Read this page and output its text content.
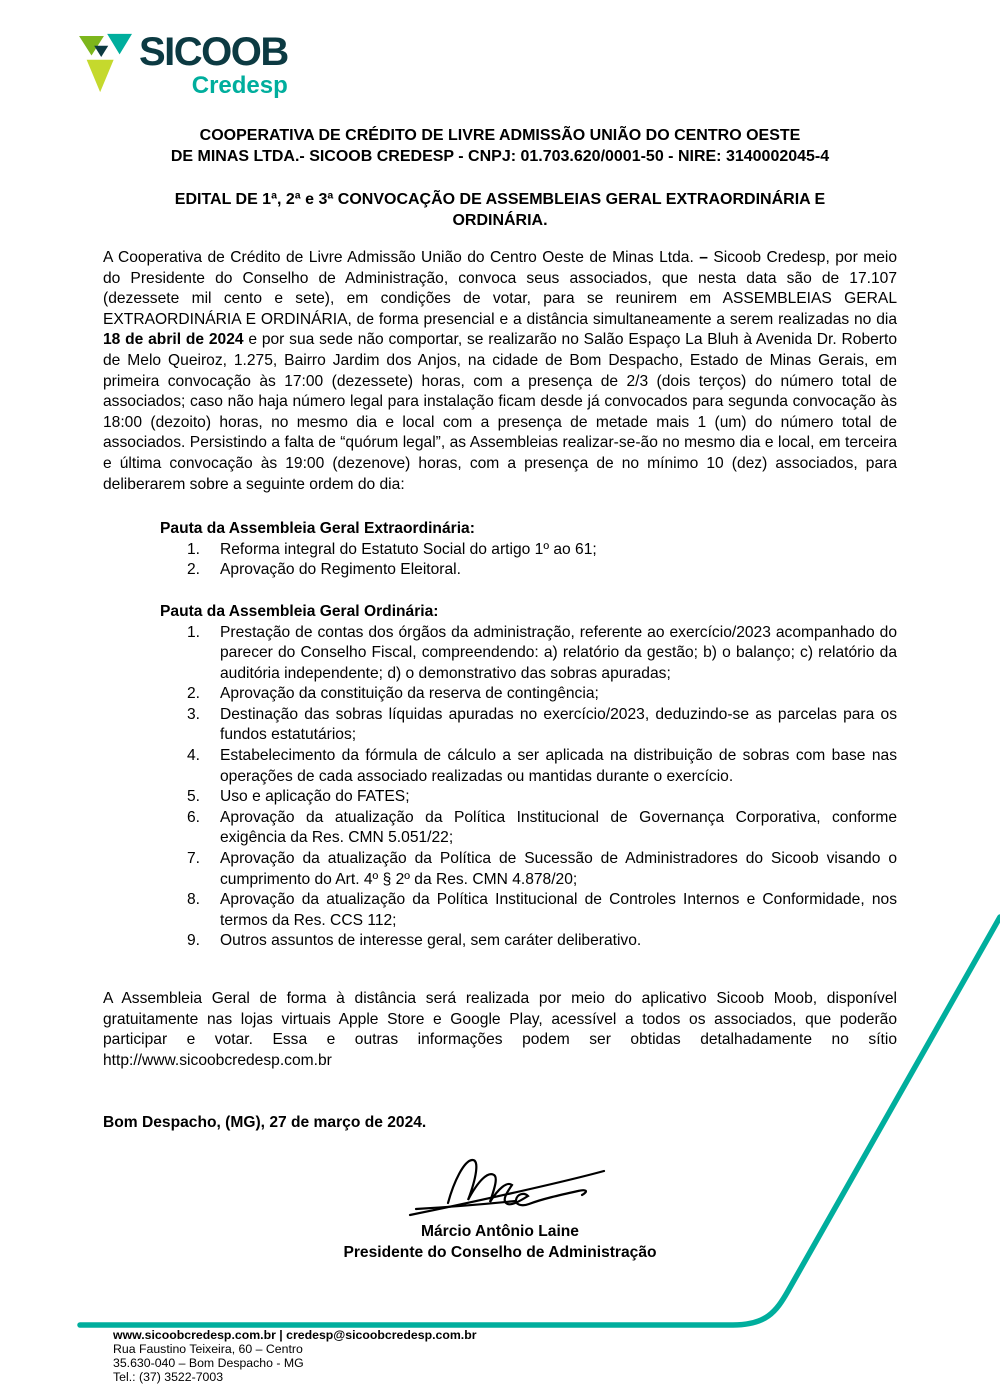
SICOOB
Credesp
COOPERATIVA DE CRÉDITO DE LIVRE ADMISSÃO UNIÃO DO CENTRO OESTE
DE MINAS LTDA.- SICOOB CREDESP - CNPJ: 01.703.620/0001-50 - NIRE: 3140002045-4
EDITAL DE 1ª, 2ª e 3ª CONVOCAÇÃO DE ASSEMBLEIAS GERAL EXTRAORDINÁRIA E
ORDINÁRIA.

A Cooperativa de Crédito de Livre Admissão União do Centro Oeste de Minas Ltda. – Sicoob Credesp, por meio do Presidente do Conselho de Administração, convoca seus associados, que nesta data são de 17.107 (dezessete mil cento e sete), em condições de votar, para se reunirem em ASSEMBLEIAS GERAL EXTRAORDINÁRIA E ORDINÁRIA, de forma presencial e a distância simultaneamente a serem realizadas no dia 18 de abril de 2024 e por sua sede não comportar, se realizarão no Salão Espaço La Bluh à Avenida Dr. Roberto de Melo Queiroz, 1.275, Bairro Jardim dos Anjos, na cidade de Bom Despacho, Estado de Minas Gerais, em primeira convocação às 17:00 (dezessete) horas, com a presença de 2/3 (dois terços) do número total de associados; caso não haja número legal para instalação ficam desde já convocados para segunda convocação às 18:00 (dezoito) horas, no mesmo dia e local com a presença de metade mais 1 (um) do número total de associados. Persistindo a falta de “quórum legal”, as Assembleias realizar-se-ão no mesmo dia e local, em terceira e última convocação às 19:00 (dezenove) horas, com a presença de no mínimo 10 (dez) associados, para deliberarem sobre a seguinte ordem do dia:

Pauta da Assembleia Geral Extraordinária:
1.	Reforma integral do Estatuto Social do artigo 1º ao 61;
2.	Aprovação do Regimento Eleitoral.
Pauta da Assembleia Geral Ordinária:
1.	Prestação de contas dos órgãos da administração, referente ao exercício/2023 acompanhado do parecer do Conselho Fiscal, compreendendo: a) relatório da gestão; b) o balanço; c) relatório da auditória independente; d) o demonstrativo das sobras apuradas;
2.	Aprovação da constituição da reserva de contingência;
3.	Destinação das sobras líquidas apuradas no exercício/2023, deduzindo-se as parcelas para os fundos estatutários;
4.	Estabelecimento da fórmula de cálculo a ser aplicada na distribuição de sobras com base nas operações de cada associado realizadas ou mantidas durante o exercício.
5.	Uso e aplicação do FATES;
6.	Aprovação da atualização da Política Institucional de Governança Corporativa, conforme exigência da Res. CMN 5.051/22;
7.	Aprovação da atualização da Política de Sucessão de Administradores do Sicoob visando o cumprimento do Art. 4º § 2º da Res. CMN 4.878/20;
8.	Aprovação da atualização da Política Institucional de Controles Internos e Conformidade, nos termos da Res. CCS 112;
9.	Outros assuntos de interesse geral, sem caráter deliberativo.

A Assembleia Geral de forma à distância será realizada por meio do aplicativo Sicoob Moob, disponível gratuitamente nas lojas virtuais Apple Store e Google Play, acessível a todos os associados, que poderão participar e votar. Essa e outras informações podem ser obtidas detalhadamente no sítio http://www.sicoobcredesp.com.br

Bom Despacho, (MG), 27 de março de 2024.
Márcio Antônio Laine
Presidente do Conselho de Administração
www.sicoobcredesp.com.br | credesp@sicoobcredesp.com.br
Rua Faustino Teixeira, 60 – Centro
35.630-040 – Bom Despacho - MG
Tel.: (37) 3522-7003
